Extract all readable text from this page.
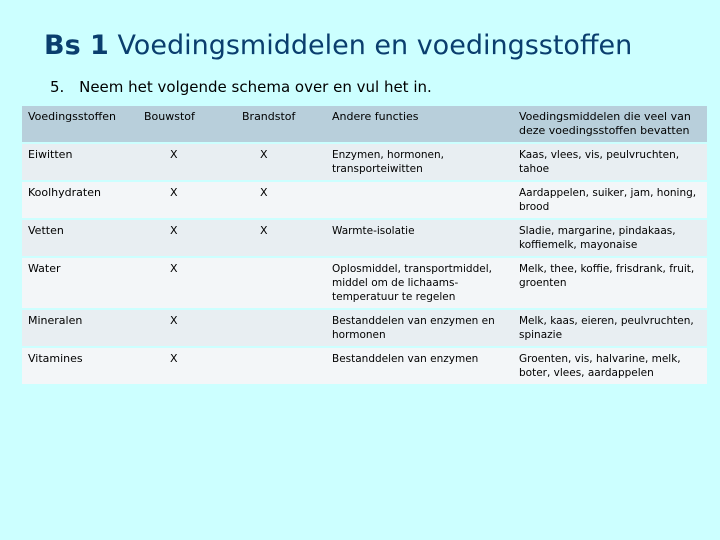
Bs 1 Voedingsmiddelen en voedingsstoffen
5. Neem het volgende schema over en vul het in.
Voedingsstoffen	Bouwstof	Brandstof	Andere functies	Voedingsmiddelen die veel van deze voedingsstoffen bevatten
Eiwitten	X	X	Enzymen, hormonen, transporteiwitten	Kaas, vlees, vis, peulvruchten, tahoe
Koolhydraten	X	X		Aardappelen, suiker, jam, honing, brood
Vetten	X	X	Warmte-isolatie	Sladie, margarine, pindakaas, koffiemelk, mayonaise
Water	X		Oplosmiddel, transportmiddel, middel om de lichaams-temperatuur te regelen	Melk, thee, koffie, frisdrank, fruit, groenten
Mineralen	X		Bestanddelen van enzymen en hormonen	Melk, kaas, eieren, peulvruchten, spinazie
Vitamines	X		Bestanddelen van enzymen	Groenten, vis, halvarine, melk, boter, vlees, aardappelen
